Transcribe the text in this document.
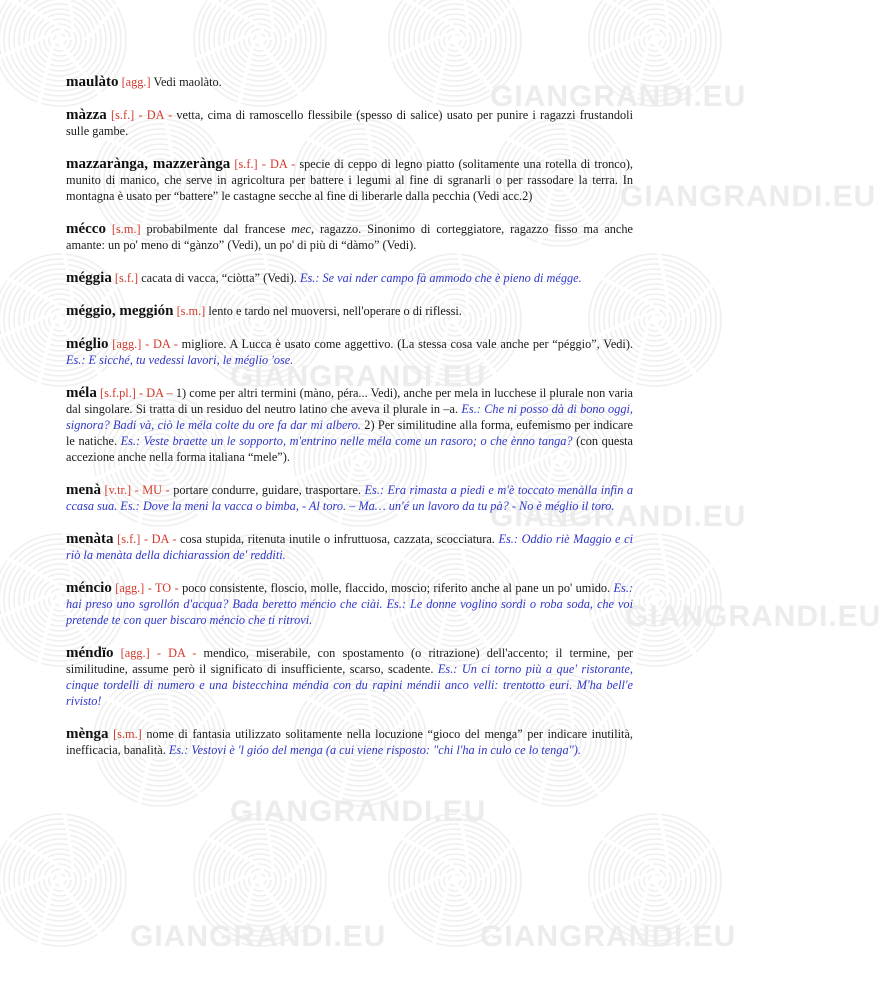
GIANGRANDI.EU
GIANGRANDI.EU
GIANGRANDI.EU
GIANGRANDI.EU
GIANGRANDI.EU
GIANGRANDI.EU
GIANGRANDI.EU	GIANGRANDI.EU

maulàto [agg.] Vedi maolàto.

màzza [s.f.] - DA - vetta, cima di ramoscello flessibile (spesso di salice) usato per punire i ragazzi frustandoli sulle gambe.

mazzarànga, mazzerànga [s.f.] - DA - specie di ceppo di legno piatto (solitamente una rotella di tronco), munito di manico, che serve in agricoltura per battere i legumi al fine di sgranarli o per rassodare la terra. In montagna è usato per “battere” le castagne secche al fine di liberarle dalla pecchia (Vedi acc.2)

mécco [s.m.] probabilmente dal francese mec, ragazzo. Sinonimo di corteggiatore, ragazzo fisso ma anche amante: un po' meno di “gànzo” (Vedi), un po' di più di “dàmo” (Vedi).

méggia [s.f.] cacata di vacca, “ciòtta” (Vedi). Es.: Se vai nder campo fà ammodo che è pieno di mégge.

méggio, meggión [s.m.] lento e tardo nel muoversi, nell'operare o di riflessi.

méglio [agg.] - DA - migliore. A Lucca è usato come aggettivo. (La stessa cosa vale anche per “péggio”, Vedi). Es.: E sicché, tu vedessi lavori, le méglio 'ose.

méla [s.f.pl.] - DA – 1) come per altri termini (màno, péra... Vedi), anche per mela in lucchese il plurale non varia dal singolare. Si tratta di un residuo del neutro latino che aveva il plurale in –a. Es.: Che ni posso dà di bono oggi, signora? Badi và, ciò le méla colte du ore fa dar mi albero. 2) Per similitudine alla forma, eufemismo per indicare le natiche. Es.: Veste braette un le sopporto, m'entrino nelle méla come un rasoro; o che ènno tanga? (con questa accezione anche nella forma italiana “mele”).

menà [v.tr.] - MU - portare condurre, guidare, trasportare. Es.: Era rimasta a piedi e m'è toccato menàlla infin a ccasa sua. Es.: Dove la meni la vacca o bimba, - Al toro. – Ma… un'é un lavoro da tu pà? - No è méglio il toro.

menàta [s.f.] - DA - cosa stupida, ritenuta inutile o infruttuosa, cazzata, scocciatura. Es.: Oddio riè Maggio e ci riò la menàta della dichiarassion de' redditi.

méncio [agg.] - TO - poco consistente, floscio, molle, flaccido, moscio; riferito anche al pane un po' umido. Es.: hai preso uno sgrollón d'acqua? Bada beretto méncio che ciài. Es.: Le donne voglino sordi o roba soda, che voi pretende te con quer biscaro méncio che ti ritrovi.

méndïo [agg.] - DA - mendico, miserabile, con spostamento (o ritrazione) dell'accento; il termine, per similitudine, assume però il significato di insufficiente, scarso, scadente. Es.: Un ci torno più a que' ristorante, cinque tordelli di numero e una bistecchina méndia con du rapini méndii anco velli: trentotto euri. M'ha bell'e rivisto!

mènga [s.m.] nome di fantasia utilizzato solitamente nella locuzione “gioco del menga” per indicare inutilità, inefficacia, banalità. Es.: Vestovi è 'l gióo del menga (a cui viene risposto: "chi l'ha in culo ce lo tenga").
